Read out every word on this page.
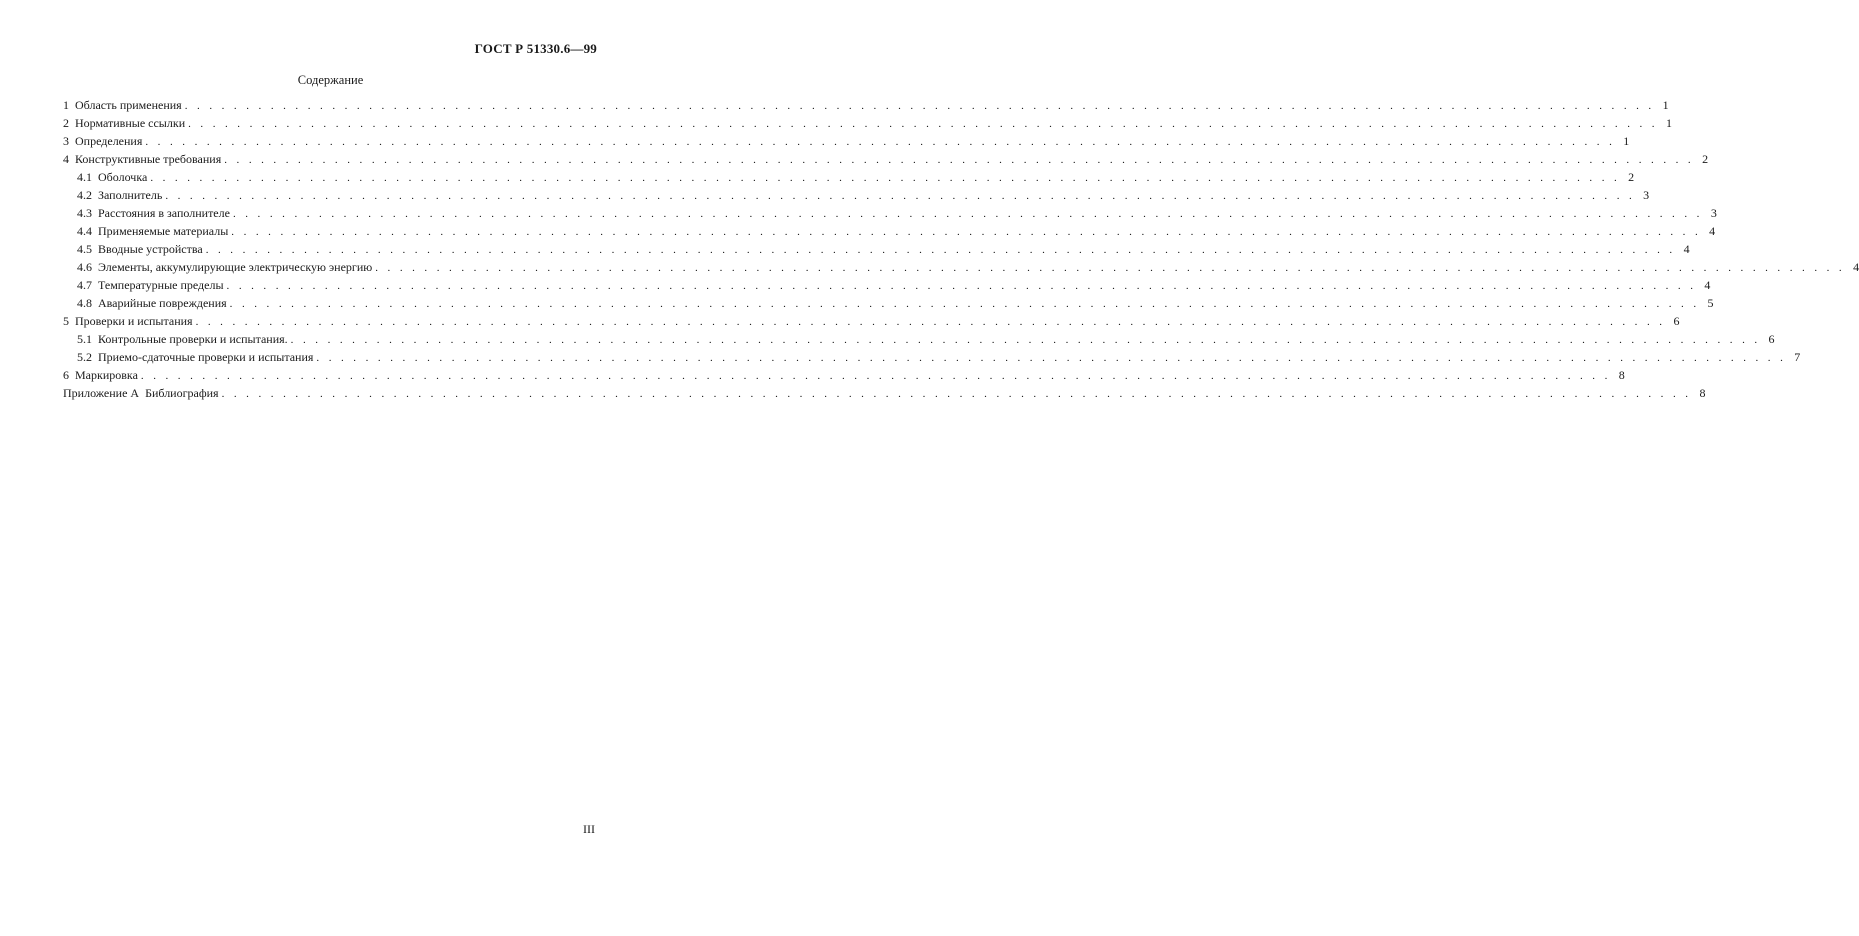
ГОСТ Р 51330.6—99
Содержание
1  Область применения . . . . . . . . . . . . . . . . . . . . . . . . . . . . . . . . . . . . . . . . . . . . . . . . . . . . . . . . . . . . . . . . . . . . . . . . . . . . . . . . . . . . . . . . . . . . . . . . . . . . . . . . . . . . . . . . . . . . . . . . 1
2  Нормативные ссылки . . . . . . . . . . . . . . . . . . . . . . . . . . . . . . . . . . . . . . . . . . . . . . . . . . . . . . . . . . . . . . . . . . . . . . . . . . . . . . . . . . . . . . . . . . . . . . . . . . . . . . . . . . . . . . . . . . . . . . . . 1
3  Определения . . . . . . . . . . . . . . . . . . . . . . . . . . . . . . . . . . . . . . . . . . . . . . . . . . . . . . . . . . . . . . . . . . . . . . . . . . . . . . . . . . . . . . . . . . . . . . . . . . . . . . . . . . . . . . . . . . . . . . . . 1
4  Конструктивные требования . . . . . . . . . . . . . . . . . . . . . . . . . . . . . . . . . . . . . . . . . . . . . . . . . . . . . . . . . . . . . . . . . . . . . . . . . . . . . . . . . . . . . . . . . . . . . . . . . . . . . . . . . . . . . . . . . . . . . . . . 2
4.1  Оболочка . . . . . . . . . . . . . . . . . . . . . . . . . . . . . . . . . . . . . . . . . . . . . . . . . . . . . . . . . . . . . . . . . . . . . . . . . . . . . . . . . . . . . . . . . . . . . . . . . . . . . . . . . . . . . . . . . . . . . . . . 2
4.2  Заполнитель . . . . . . . . . . . . . . . . . . . . . . . . . . . . . . . . . . . . . . . . . . . . . . . . . . . . . . . . . . . . . . . . . . . . . . . . . . . . . . . . . . . . . . . . . . . . . . . . . . . . . . . . . . . . . . . . . . . . . . . . 3
4.3  Расстояния в заполнителе . . . . . . . . . . . . . . . . . . . . . . . . . . . . . . . . . . . . . . . . . . . . . . . . . . . . . . . . . . . . . . . . . . . . . . . . . . . . . . . . . . . . . . . . . . . . . . . . . . . . . . . . . . . . . . . . . . . . . . . . 3
4.4  Применяемые материалы . . . . . . . . . . . . . . . . . . . . . . . . . . . . . . . . . . . . . . . . . . . . . . . . . . . . . . . . . . . . . . . . . . . . . . . . . . . . . . . . . . . . . . . . . . . . . . . . . . . . . . . . . . . . . . . . . . . . . . . . 4
4.5  Вводные устройства . . . . . . . . . . . . . . . . . . . . . . . . . . . . . . . . . . . . . . . . . . . . . . . . . . . . . . . . . . . . . . . . . . . . . . . . . . . . . . . . . . . . . . . . . . . . . . . . . . . . . . . . . . . . . . . . . . . . . . . . 4
4.6  Элементы, аккумулирующие электрическую энергию . . . . . . . . . . . . . . . . . . . . . . . . . . . . . . . . . . . . . . . . . . . . . . . . . . . . . . . . . . . . . . . . . . . . . . . . . . . . . . . . . . . . . . . . . . . . . . . . . . . . . . . . . . . . . . . . . . . . . . . . 4
4.7  Температурные пределы . . . . . . . . . . . . . . . . . . . . . . . . . . . . . . . . . . . . . . . . . . . . . . . . . . . . . . . . . . . . . . . . . . . . . . . . . . . . . . . . . . . . . . . . . . . . . . . . . . . . . . . . . . . . . . . . . . . . . . . . 4
4.8  Аварийные повреждения . . . . . . . . . . . . . . . . . . . . . . . . . . . . . . . . . . . . . . . . . . . . . . . . . . . . . . . . . . . . . . . . . . . . . . . . . . . . . . . . . . . . . . . . . . . . . . . . . . . . . . . . . . . . . . . . . . . . . . . . 5
5  Проверки и испытания . . . . . . . . . . . . . . . . . . . . . . . . . . . . . . . . . . . . . . . . . . . . . . . . . . . . . . . . . . . . . . . . . . . . . . . . . . . . . . . . . . . . . . . . . . . . . . . . . . . . . . . . . . . . . . . . . . . . . . . . 6
5.1  Контрольные проверки и испытания. . . . . . . . . . . . . . . . . . . . . . . . . . . . . . . . . . . . . . . . . . . . . . . . . . . . . . . . . . . . . . . . . . . . . . . . . . . . . . . . . . . . . . . . . . . . . . . . . . . . . . . . . . . . . . . . . . . . . . . . . 6
5.2  Приемо-сдаточные проверки и испытания . . . . . . . . . . . . . . . . . . . . . . . . . . . . . . . . . . . . . . . . . . . . . . . . . . . . . . . . . . . . . . . . . . . . . . . . . . . . . . . . . . . . . . . . . . . . . . . . . . . . . . . . . . . . . . . . . . . . . . . . 7
6  Маркировка . . . . . . . . . . . . . . . . . . . . . . . . . . . . . . . . . . . . . . . . . . . . . . . . . . . . . . . . . . . . . . . . . . . . . . . . . . . . . . . . . . . . . . . . . . . . . . . . . . . . . . . . . . . . . . . . . . . . . . . . 8
Приложение А  Библиография . . . . . . . . . . . . . . . . . . . . . . . . . . . . . . . . . . . . . . . . . . . . . . . . . . . . . . . . . . . . . . . . . . . . . . . . . . . . . . . . . . . . . . . . . . . . . . . . . . . . . . . . . . . . . . . . . . . . . . . . 8
III
